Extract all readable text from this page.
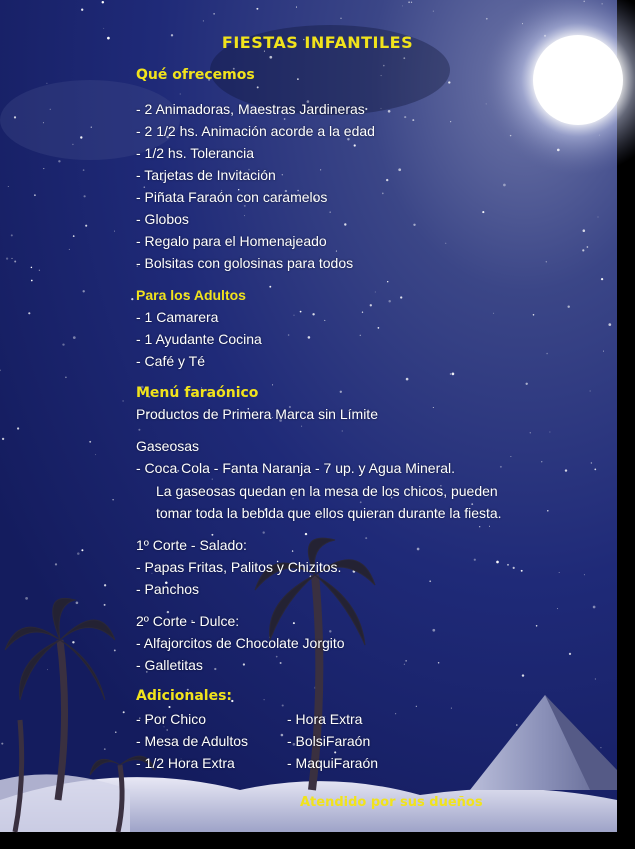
FIESTAS INFANTILES
Qué ofrecemos
- 2 Animadoras, Maestras Jardineras
- 2 1/2 hs. Animación acorde a la edad
- 1/2 hs. Tolerancia
- Tarjetas de Invitación
- Piñata Faraón con caramelos
- Globos
- Regalo para el Homenajeado
- Bolsitas con golosinas para todos
Para los Adultos
- 1 Camarera
- 1 Ayudante Cocina
- Café y Té
Menú faraónico
Productos de Primera Marca sin Límite
Gaseosas
- Coca Cola - Fanta Naranja - 7 up. y Agua Mineral.
La gaseosas quedan en la mesa de los chicos, pueden
tomar toda la bebida que ellos quieran durante la fiesta.
1º Corte - Salado:
- Papas Fritas, Palitos y Chizitos.
- Panchos
2º Corte - Dulce:
- Alfajorcitos de Chocolate Jorgito
- Galletitas
Adicionales:
- Por Chico
- Mesa de Adultos
- 1/2 Hora Extra
- Hora Extra
- BolsiFaraón
- MaquiFaraón
Atendido por sus dueños
